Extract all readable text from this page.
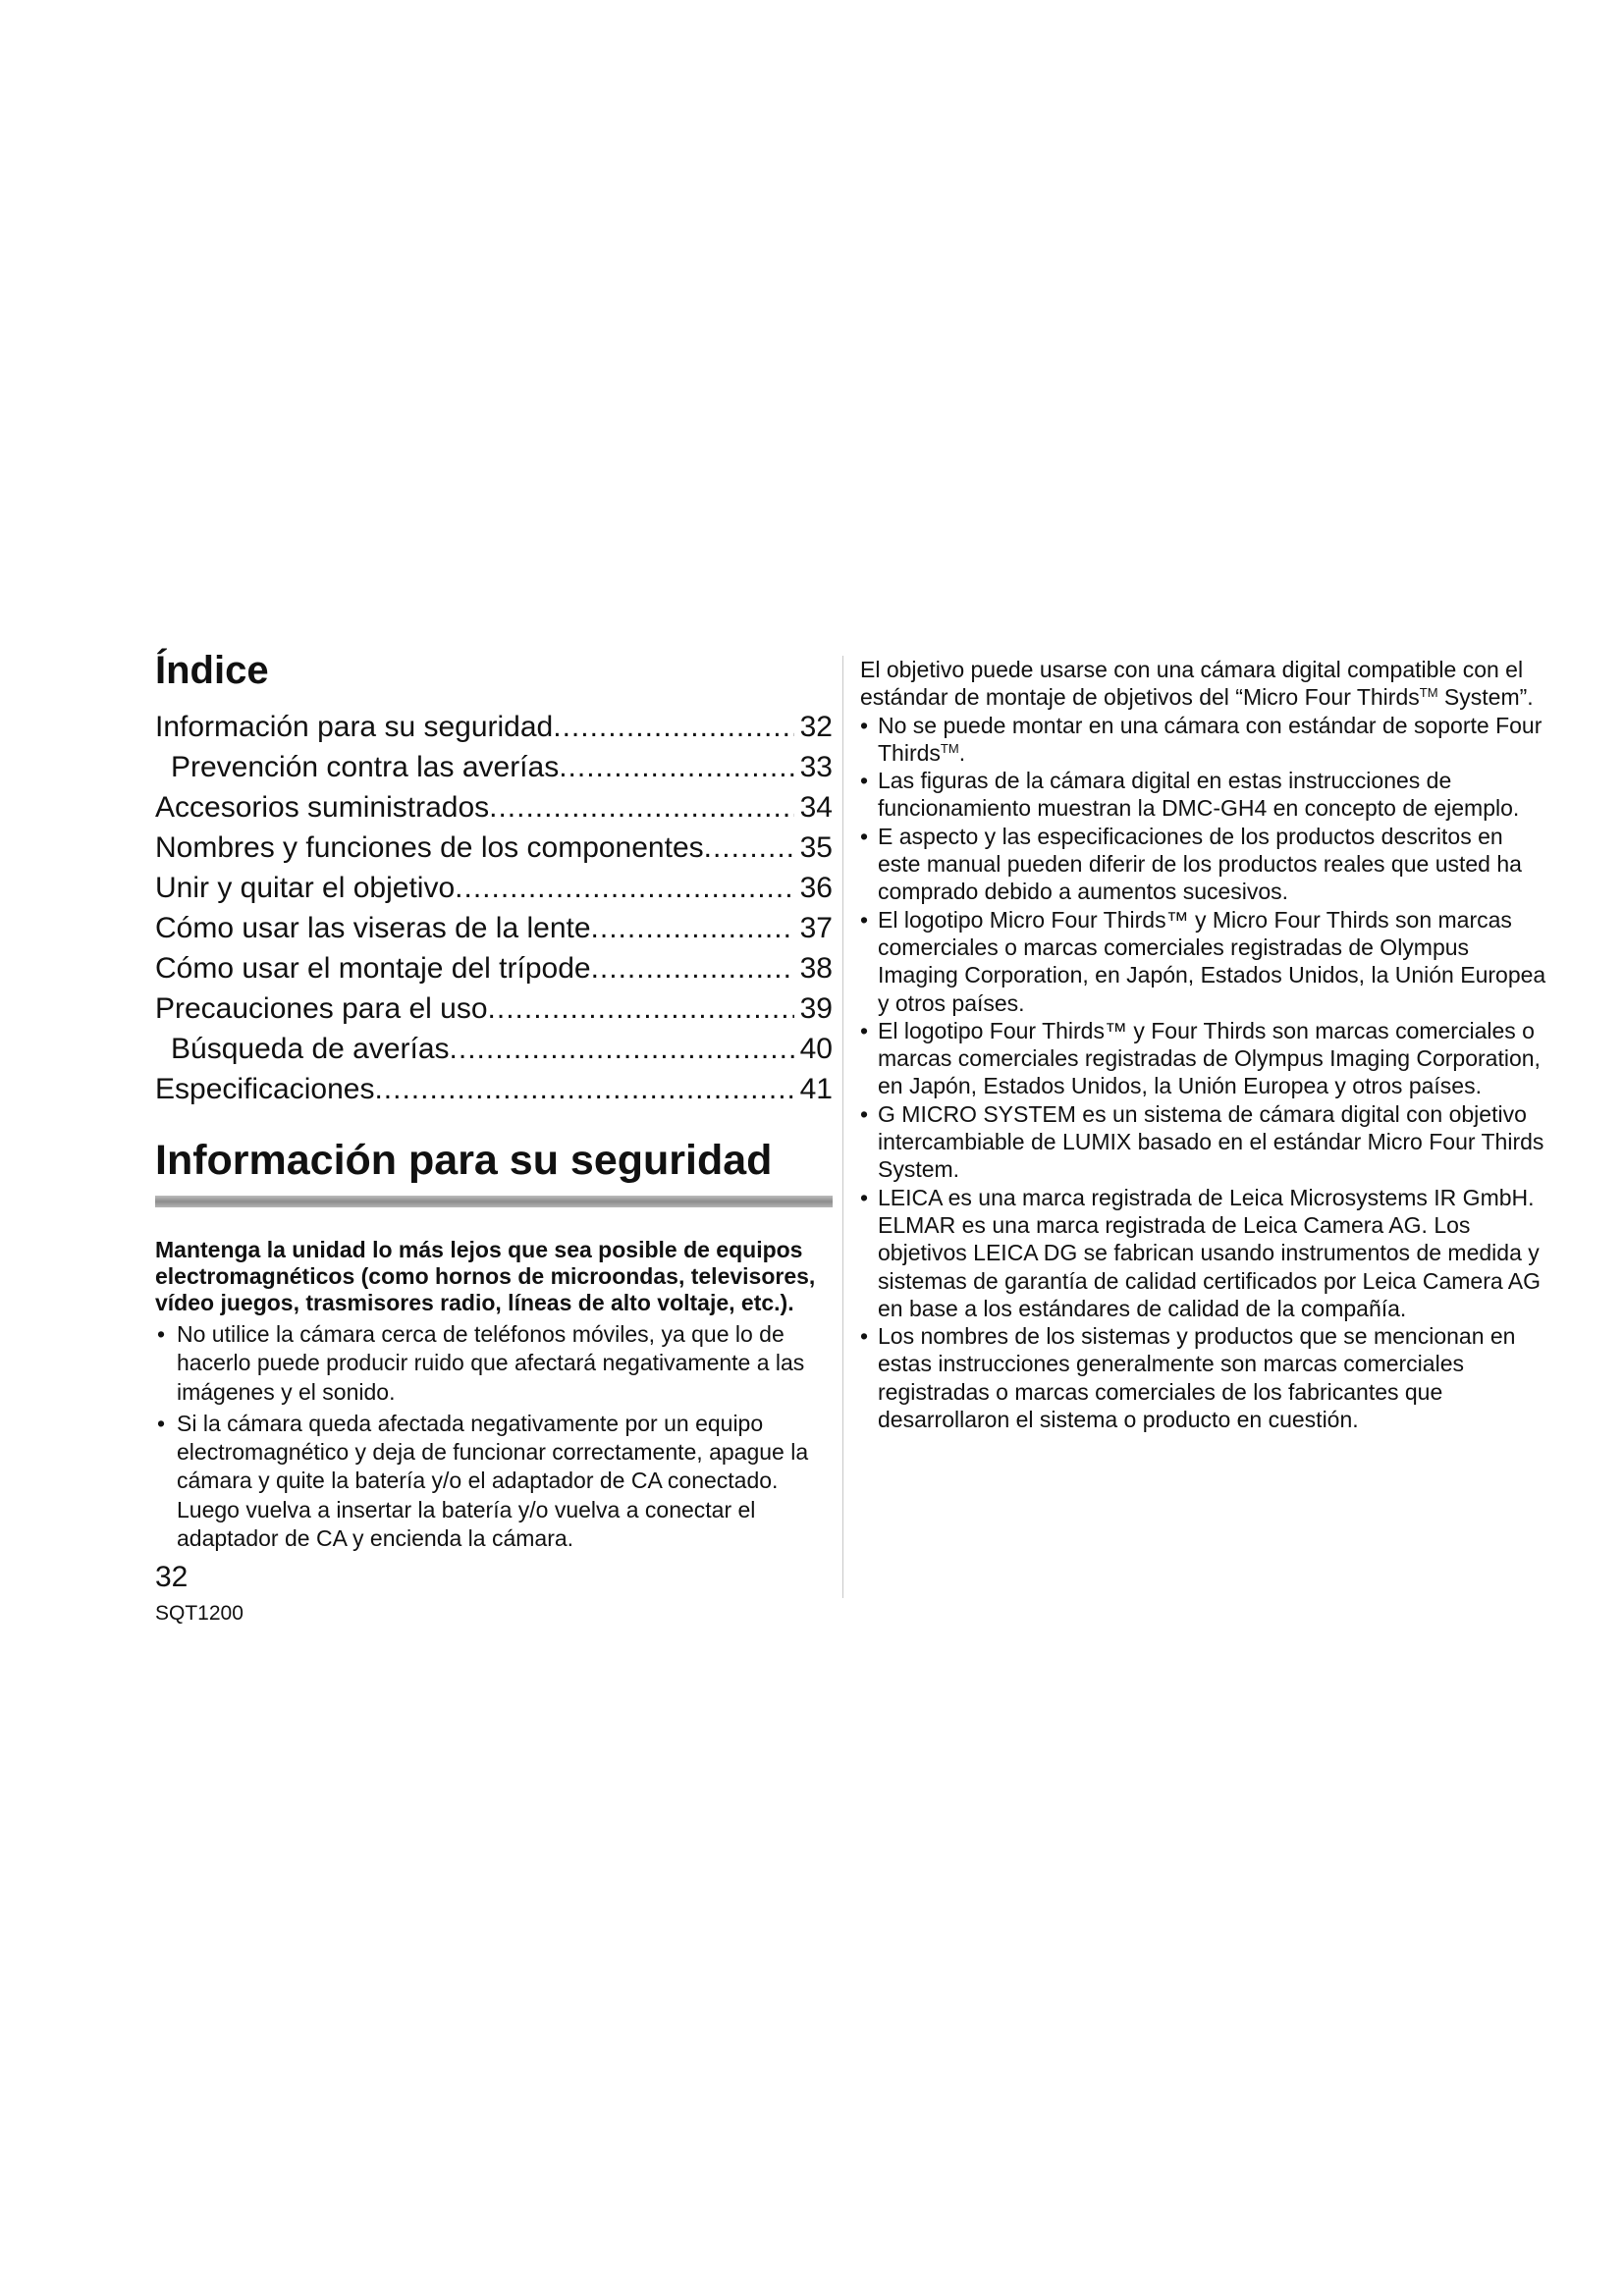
Índice
Información para su seguridad .....	32
Prevención contra las averías .....	33
Accesorios suministrados .....	34
Nombres y funciones de los componentes .....	35
Unir y quitar el objetivo .....	36
Cómo usar las viseras de la lente .....	37
Cómo usar el montaje del trípode .....	38
Precauciones para el uso .....	39
Búsqueda de averías .....	40
Especificaciones .....	41
Información para su seguridad

Mantenga la unidad lo más lejos que sea posible de equipos electromagnéticos (como hornos de microondas, televisores, vídeo juegos, trasmisores radio, líneas de alto voltaje, etc.).

• No utilice la cámara cerca de teléfonos móviles, ya que lo de hacerlo puede producir ruido que afectará negativamente a las imágenes y el sonido.
• Si la cámara queda afectada negativamente por un equipo electromagnético y deja de funcionar correctamente, apague la cámara y quite la batería y/o el adaptador de CA conectado. Luego vuelva a insertar la batería y/o vuelva a conectar el adaptador de CA y encienda la cámara.
32
SQT1200

El objetivo puede usarse con una cámara digital compatible con el estándar de montaje de objetivos del “Micro Four Thirds™ System”.

• No se puede montar en una cámara con estándar de soporte Four Thirds™.
• Las figuras de la cámara digital en estas instrucciones de funcionamiento muestran la DMC-GH4 en concepto de ejemplo.
• E aspecto y las especificaciones de los productos descritos en este manual pueden diferir de los productos reales que usted ha comprado debido a aumentos sucesivos.
• El logotipo Micro Four Thirds™ y Micro Four Thirds son marcas comerciales o marcas comerciales registradas de Olympus Imaging Corporation, en Japón, Estados Unidos, la Unión Europea y otros países.
• El logotipo Four Thirds™ y Four Thirds son marcas comerciales o marcas comerciales registradas de Olympus Imaging Corporation, en Japón, Estados Unidos, la Unión Europea y otros países.
• G MICRO SYSTEM es un sistema de cámara digital con objetivo intercambiable de LUMIX basado en el estándar Micro Four Thirds System.
• LEICA es una marca registrada de Leica Microsystems IR GmbH. ELMAR es una marca registrada de Leica Camera AG. Los objetivos LEICA DG se fabrican usando instrumentos de medida y sistemas de garantía de calidad certificados por Leica Camera AG en base a los estándares de calidad de la compañía.
• Los nombres de los sistemas y productos que se mencionan en estas instrucciones generalmente son marcas comerciales registradas o marcas comerciales de los fabricantes que desarrollaron el sistema o producto en cuestión.
